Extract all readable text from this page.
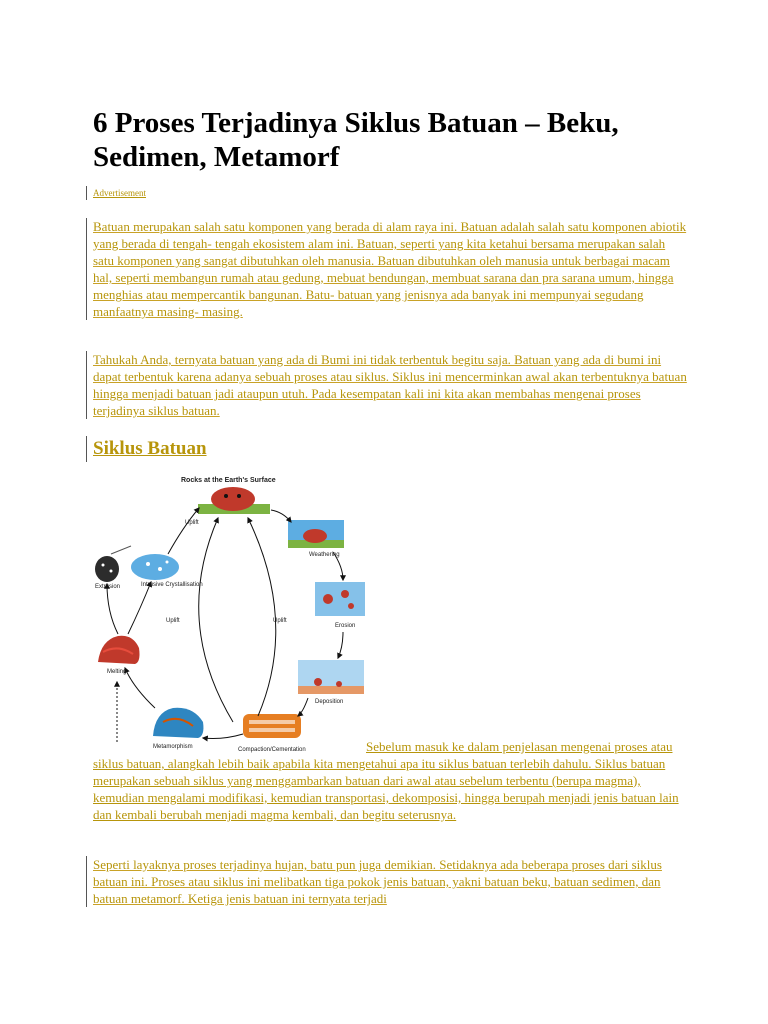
6 Proses Terjadinya Siklus Batuan – Beku, Sedimen, Metamorf
Advertisement
Batuan merupakan salah satu komponen yang berada di alam raya ini. Batuan adalah salah satu komponen abiotik yang berada di tengah- tengah ekosistem alam ini. Batuan, seperti yang kita ketahui bersama merupakan salah satu komponen yang sangat dibutuhkan oleh manusia. Batuan dibutuhkan oleh manusia untuk berbagai macam hal, seperti membangun rumah atau gedung, mebuat bendungan, membuat sarana dan pra sarana umum, hingga menghias atau mempercantik bangunan. Batu- batuan yang jenisnya ada banyak ini mempunyai segudang manfaatnya masing- masing.
Tahukah Anda, ternyata batuan yang ada di Bumi ini tidak terbentuk begitu saja. Batuan yang ada di bumi ini dapat terbentuk karena adanya sebuah proses atau siklus. Siklus ini mencerminkan awal akan terbentuknya batuan hingga menjadi batuan jadi ataupun utuh. Pada kesempatan kali ini kita akan membahas mengenai proses terjadinya siklus batuan.
Siklus Batuan
Rocks at the Earth's Surface
Weathering
Erosion
Deposition
Compaction/Cementation
Metamorphism
Melting
Extrusion	Intrusive Crystallisation
Uplift
Uplift	Uplift
Sebelum masuk ke dalam penjelasan mengenai proses atau siklus batuan, alangkah lebih baik apabila kita mengetahui apa itu siklus batuan terlebih dahulu. Siklus batuan merupakan sebuah siklus yang menggambarkan batuan dari awal atau sebelum terbentu (berupa magma), kemudian mengalami modifikasi, kemudian transportasi, dekomposisi, hingga berupah menjadi jenis batuan lain dan kembali berubah menjadi magma kembali, dan begitu seterusnya.
Seperti layaknya proses terjadinya hujan, batu pun juga demikian. Setidaknya ada beberapa proses dari siklus batuan ini. Proses atau siklus ini melibatkan tiga pokok jenis batuan, yakni batuan beku, batuan sedimen, dan batuan metamorf. Ketiga jenis batuan ini ternyata terjadi
